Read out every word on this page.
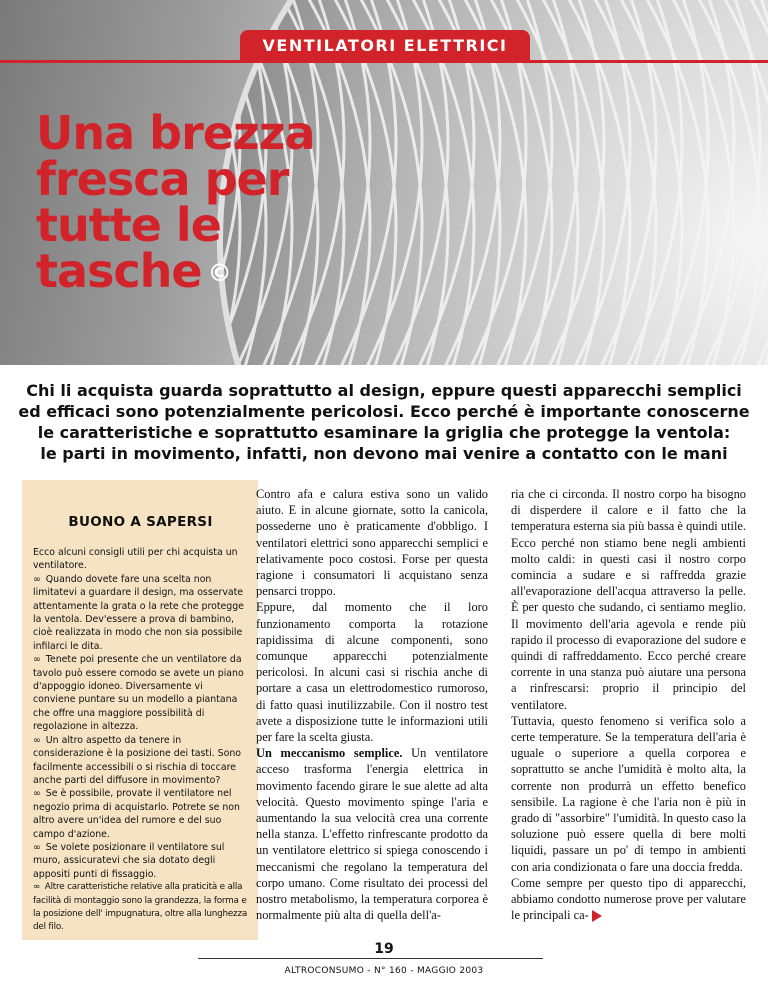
VENTILATORI ELETTRICI
Una brezza
fresca per
tutte le
tasche ©
Chi li acquista guarda soprattutto al design, eppure questi apparecchi semplici
ed efficaci sono potenzialmente pericolosi. Ecco perché è importante conoscerne
le caratteristiche e soprattutto esaminare la griglia che protegge la ventola:
le parti in movimento, infatti, non devono mai venire a contatto con le mani
BUONO A SAPERSI

Ecco alcuni consigli utili per chi acquista un ventilatore.

∞ Quando dovete fare una scelta non limitatevi a guardare il design, ma osservate attentamente la grata o la rete che protegge la ventola. Dev'essere a prova di bambino, cioè realizzata in modo che non sia possibile infilarci le dita.

∞ Tenete poi presente che un ventilatore da tavolo può essere comodo se avete un piano d'appoggio idoneo. Diversamente vi conviene puntare su un modello a piantana che offre una maggiore possibilità di regolazione in altezza.

∞ Un altro aspetto da tenere in considerazione è la posizione dei tasti. Sono facilmente accessibili o si rischia di toccare anche parti del diffusore in movimento?

∞ Se è possibile, provate il ventilatore nel negozio prima di acquistarlo. Potrete se non altro avere un'idea del rumore e del suo campo d'azione.

∞ Se volete posizionare il ventilatore sul muro, assicuratevi che sia dotato degli appositi punti di fissaggio.

∞ Altre caratteristiche relative alla praticità e alla facilità di montaggio sono la grandezza, la forma e la posizione dell' impugnatura, oltre alla lunghezza del filo.

Contro afa e calura estiva sono un valido aiuto. E in alcune giornate, sotto la canicola, possederne uno è praticamente d'obbligo. I ventilatori elettrici sono apparecchi semplici e relativamente poco costosi. Forse per questa ragione i consumatori li acquistano senza pensarci troppo.

Eppure, dal momento che il loro funzionamento comporta la rotazione rapidissima di alcune componenti, sono comunque apparecchi potenzialmente pericolosi. In alcuni casi si rischia anche di portare a casa un elettrodomestico rumoroso, di fatto quasi inutilizzabile. Con il nostro test avete a disposizione tutte le informazioni utili per fare la scelta giusta.

Un meccanismo semplice. Un ventilatore acceso trasforma l'energia elettrica in movimento facendo girare le sue alette ad alta velocità. Questo movimento spinge l'aria e aumentando la sua velocità crea una corrente nella stanza. L'effetto rinfrescante prodotto da un ventilatore elettrico si spiega conoscendo i meccanismi che regolano la temperatura del corpo umano. Come risultato dei processi del nostro metabolismo, la temperatura corporea è normalmente più alta di quella dell'a-

ria che ci circonda. Il nostro corpo ha bisogno di disperdere il calore e il fatto che la temperatura esterna sia più bassa è quindi utile. Ecco perché non stiamo bene negli ambienti molto caldi: in questi casi il nostro corpo comincia a sudare e si raffredda grazie all'evaporazione dell'acqua attraverso la pelle. È per questo che sudando, ci sentiamo meglio. Il movimento dell'aria agevola e rende più rapido il processo di evaporazione del sudore e quindi di raffreddamento. Ecco perché creare corrente in una stanza può aiutare una persona a rinfrescarsi: proprio il principio del ventilatore.

Tuttavia, questo fenomeno si verifica solo a certe temperature. Se la temperatura dell'aria è uguale o superiore a quella corporea e soprattutto se anche l'umidità è molto alta, la corrente non produrrà un effetto benefico sensibile. La ragione è che l'aria non è più in grado di "assorbire" l'umidità. In questo caso la soluzione può essere quella di bere molti liquidi, passare un po' di tempo in ambienti con aria condizionata o fare una doccia fredda.

Come sempre per questo tipo di apparecchi, abbiamo condotto numerose prove per valutare le principali ca-

19
ALTROCONSUMO - N° 160 - MAGGIO 2003
